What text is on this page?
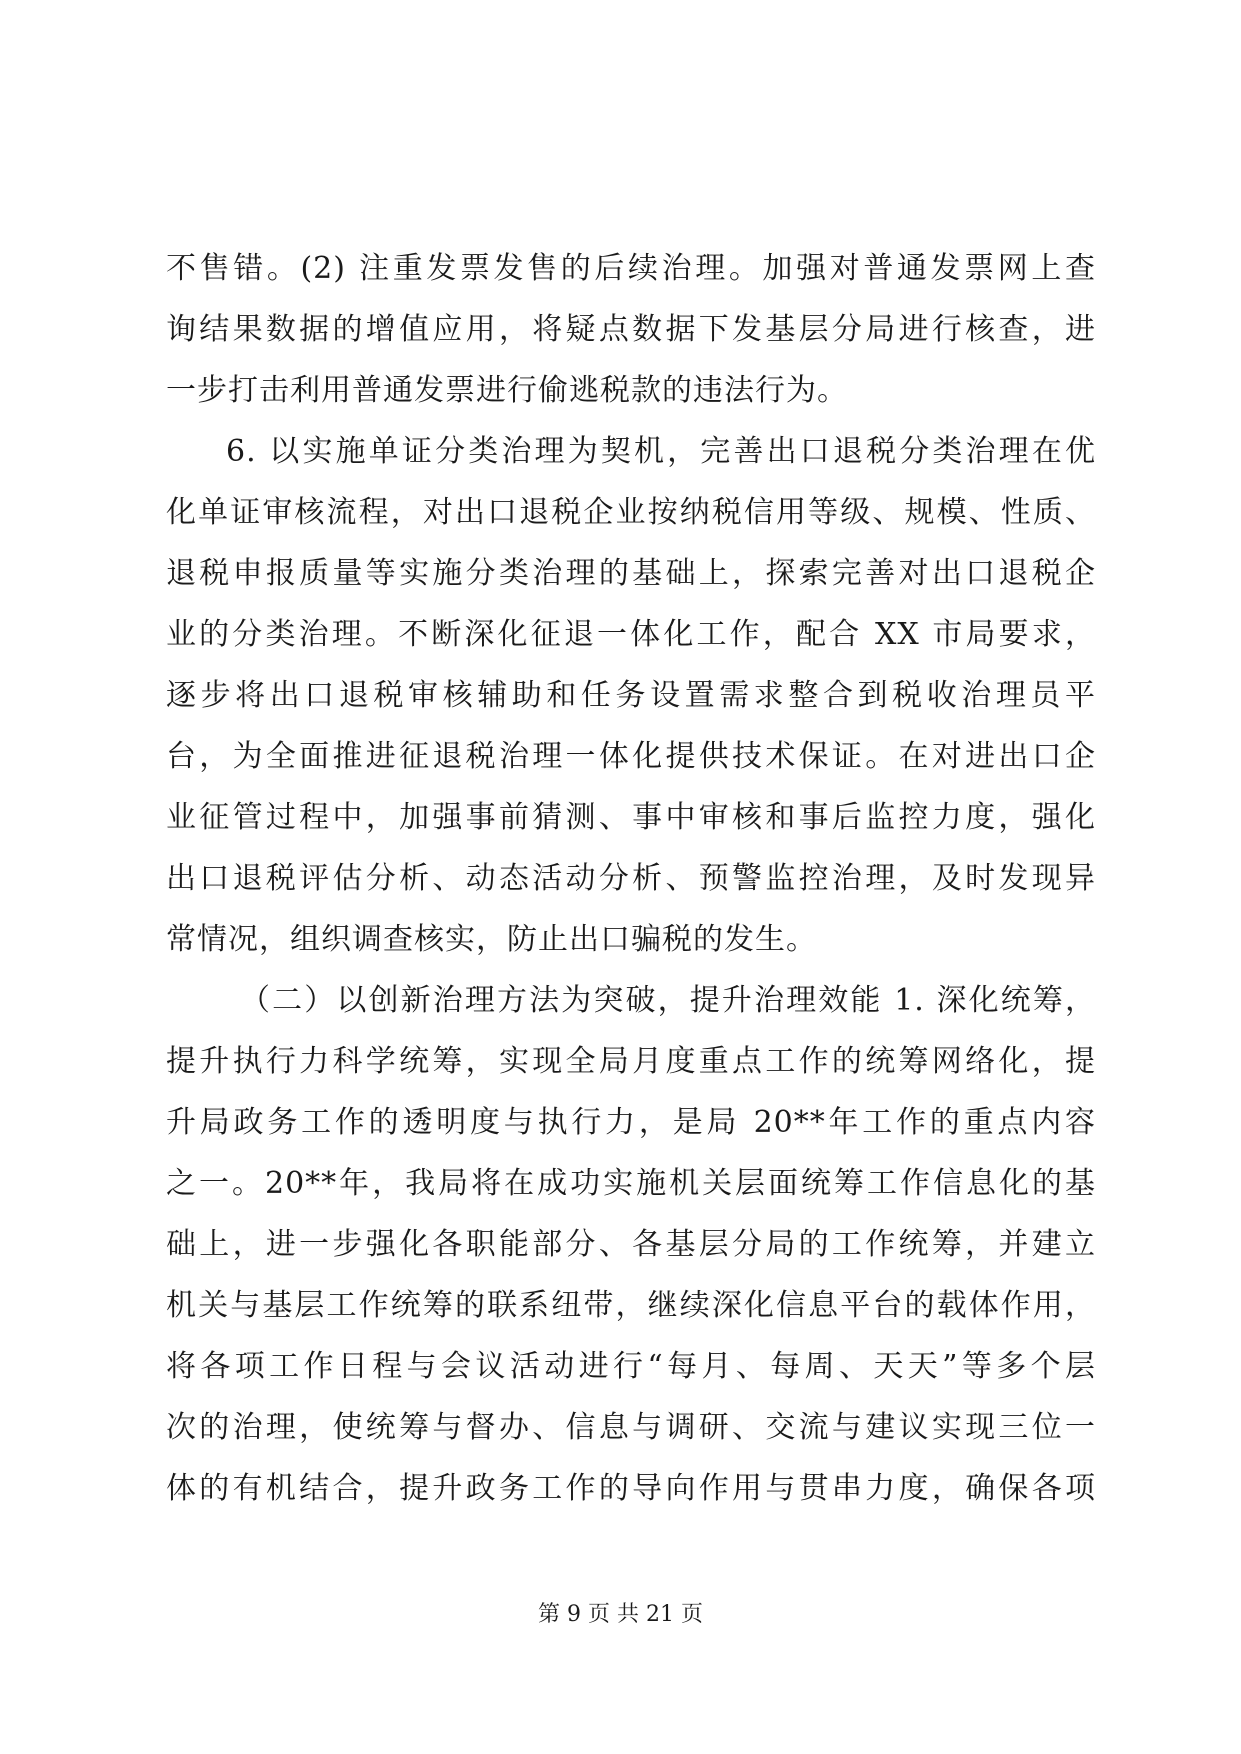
不售错。(2) 注重发票发售的后续治理。加强对普通发票网上查
询结果数据的增值应用，将疑点数据下发基层分局进行核查，进
一步打击利用普通发票进行偷逃税款的违法行为。
6. 以实施单证分类治理为契机，完善出口退税分类治理在优
化单证审核流程，对出口退税企业按纳税信用等级、规模、性质、
退税申报质量等实施分类治理的基础上，探索完善对出口退税企
业的分类治理。不断深化征退一体化工作，配合 XX 市局要求，
逐步将出口退税审核辅助和任务设置需求整合到税收治理员平
台，为全面推进征退税治理一体化提供技术保证。在对进出口企
业征管过程中，加强事前猜测、事中审核和事后监控力度，强化
出口退税评估分析、动态活动分析、预警监控治理，及时发现异
常情况，组织调查核实，防止出口骗税的发生。
（二）以创新治理方法为突破，提升治理效能 1. 深化统筹，
提升执行力科学统筹，实现全局月度重点工作的统筹网络化，提
升局政务工作的透明度与执行力，是局 20**年工作的重点内容
之一。20**年，我局将在成功实施机关层面统筹工作信息化的基
础上，进一步强化各职能部分、各基层分局的工作统筹，并建立
机关与基层工作统筹的联系纽带，继续深化信息平台的载体作用，
将各项工作日程与会议活动进行“每月、每周、天天”等多个层
次的治理，使统筹与督办、信息与调研、交流与建议实现三位一
体的有机结合，提升政务工作的导向作用与贯串力度，确保各项
第 9 页 共 21 页
